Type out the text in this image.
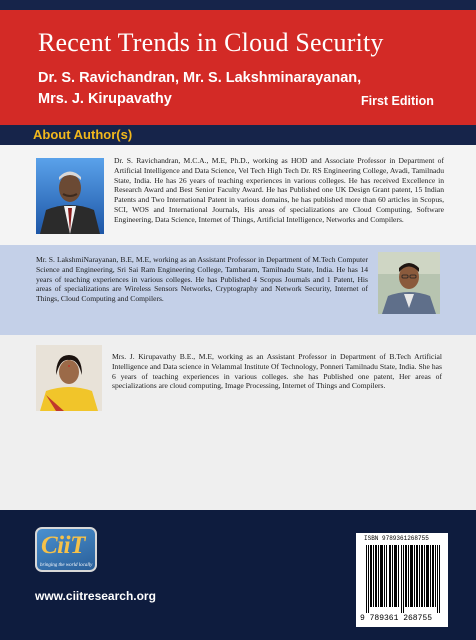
Recent Trends in Cloud Security
Dr. S. Ravichandran, Mr. S. Lakshminarayanan,
Mrs. J. Kirupavathy	First Edition
About Author(s)
Dr. S. Ravichandran, M.C.A., M.E, Ph.D., working as HOD and Associate Professor in Department of Artificial Intelligence and Data Science, Vel Tech High Tech Dr. RS Engineering College, Avadi, Tamilnadu State, India. He has 26 years of teaching experiences in various colleges. He has received Excellence in Research Award and Best Senior Faculty Award. He has Published one UK Design Grant patent, 15 Indian Patents and Two International Patent in various domains, he has published more than 60 articles in Scopus, SCI, WOS and International Journals, His areas of specializations are Cloud Computing, Software Engineering, Data Science, Internet of Things, Artificial Intelligence, Networks and Compilers.
Mr. S. LakshmiNarayanan, B.E, M.E, working as an Assistant Professor in Department of M.Tech Computer Science and Engineering, Sri Sai Ram Engineering College, Tambaram, Tamilnadu State, India. He has 14 years of teaching experiences in various colleges. He has Published 4 Scopus Journals and 1 Patent, His areas of specializations are Wireless Sensors Networks, Cryptography and Network Security, Internet of Things, Cloud Computing and Compilers.
Mrs. J. Kirupavathy B.E., M.E, working as an Assistant Professor in Department of B.Tech Artificial Intelligence and Data science in Velammal Institute Of Technology, Ponneri Tamilnadu State, India. She has 6 years of teaching experiences in various colleges. she has Published one patent, Her areas of specializations are cloud computing, Image Processing, Internet of Things and Compilers.
CiiT
bringing the world locally
www.ciitresearch.org
ISBN 9789361268755
9 789361 268755
